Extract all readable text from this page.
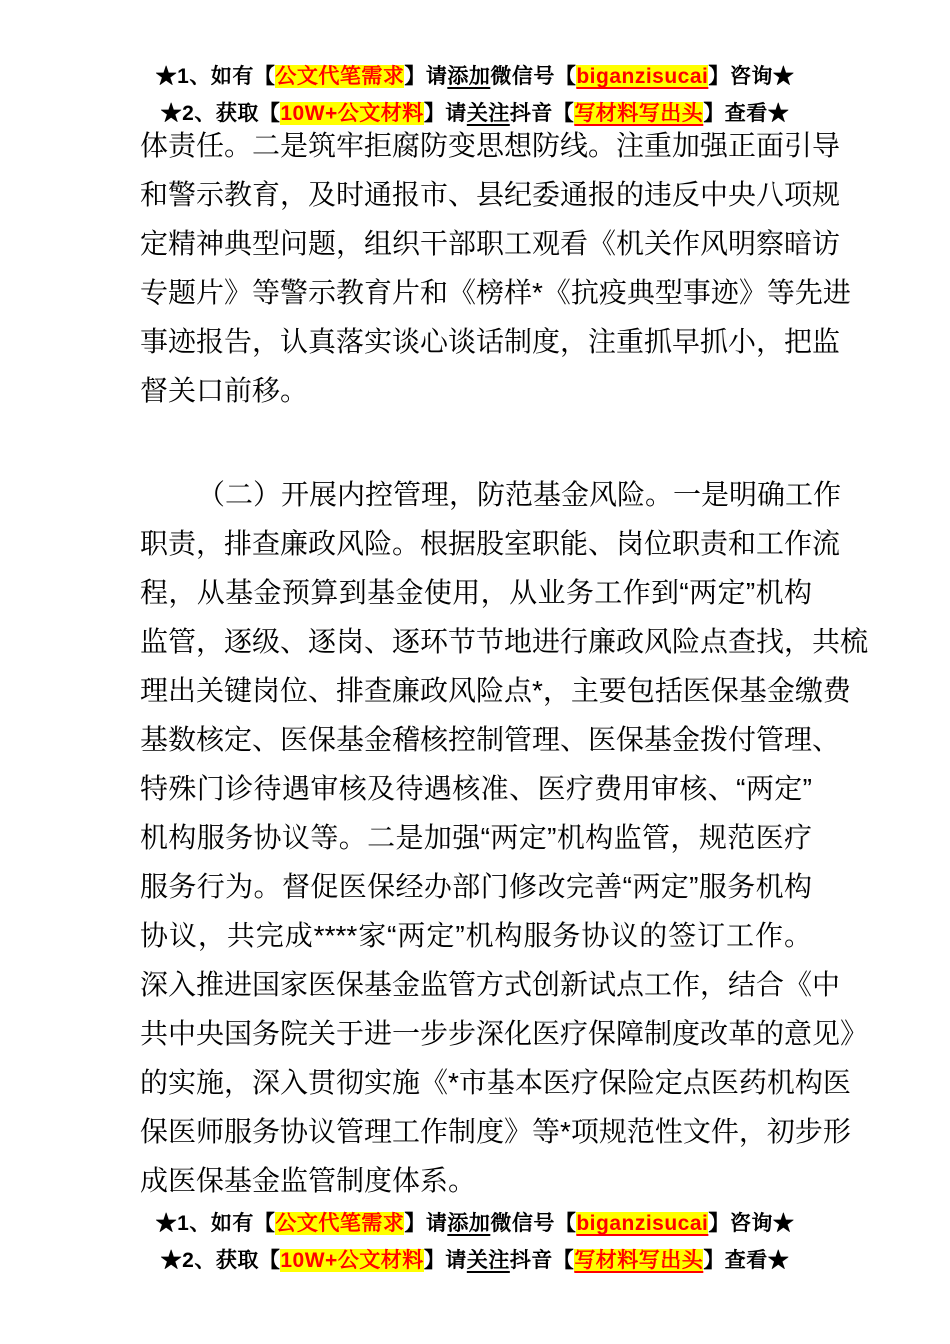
★1、如有【公文代笔需求】请添加微信号【biganzisucai】咨询★
★2、获取【10W+公文材料】请关注抖音【写材料写出头】查看★
体责任。二是筑牢拒腐防变思想防线。注重加强正面引导
和警示教育，及时通报市、县纪委通报的违反中央八项规
定精神典型问题，组织干部职工观看《机关作风明察暗访
专题片》等警示教育片和《榜样*《抗疫典型事迹》等先进
事迹报告，认真落实谈心谈话制度，注重抓早抓小，把监
督关口前移。
（二）开展内控管理，防范基金风险。一是明确工作
职责，排查廉政风险。根据股室职能、岗位职责和工作流
程，从基金预算到基金使用，从业务工作到“两定”机构
监管，逐级、逐岗、逐环节节地进行廉政风险点查找，共梳
理出关键岗位、排查廉政风险点*，主要包括医保基金缴费
基数核定、医保基金稽核控制管理、医保基金拨付管理、
特殊门诊待遇审核及待遇核准、医疗费用审核、“两定”
机构服务协议等。二是加强“两定”机构监管，规范医疗
服务行为。督促医保经办部门修改完善“两定”服务机构
协议，共完成****家“两定”机构服务协议的签订工作。
深入推进国家医保基金监管方式创新试点工作，结合《中
共中央国务院关于进一步步深化医疗保障制度改革的意见》
的实施，深入贯彻实施《*市基本医疗保险定点医药机构医
保医师服务协议管理工作制度》等*项规范性文件，初步形
成医保基金监管制度体系。
★1、如有【公文代笔需求】请添加微信号【biganzisucai】咨询★
★2、获取【10W+公文材料】请关注抖音【写材料写出头】查看★
